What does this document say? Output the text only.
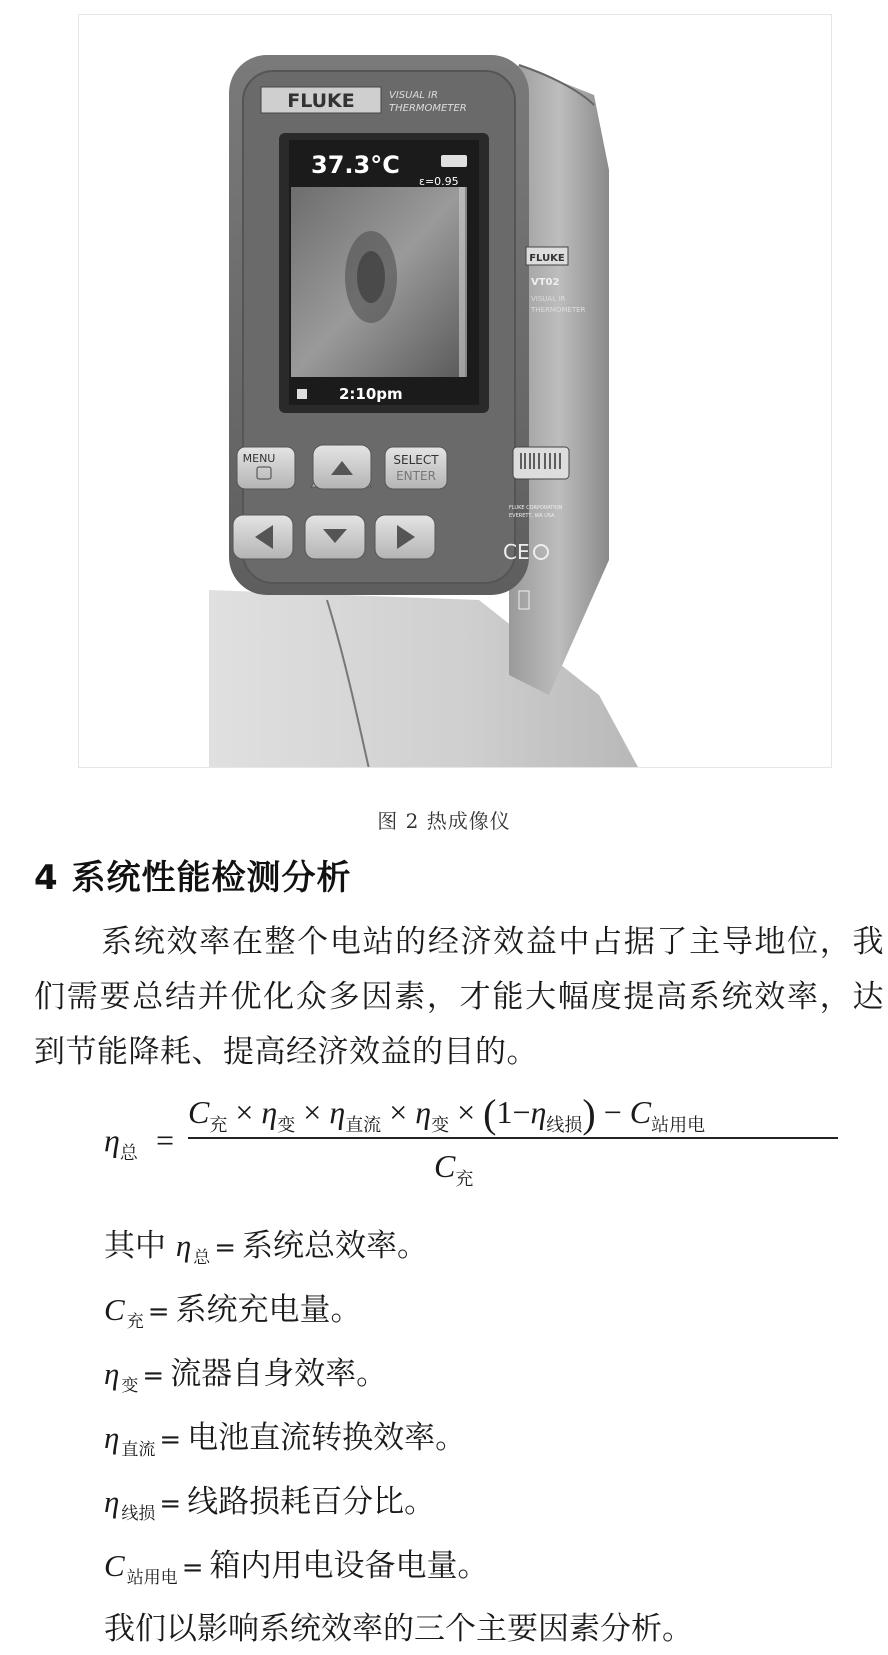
FLUKE	VISUAL IR
THERMOMETER
37.3°C
ε=0.95
2:10pm
MENU	SELECT
ENTER
FLUKE
VT02
VISUAL IR
THERMOMETER
FLUKE CORPORATION
EVERETT, WA USA
CE
图 2 热成像仪
4 系统性能检测分析
系统效率在整个电站的经济效益中占据了主导地位，我们需要总结并优化众多因素，才能大幅度提高系统效率，达到节能降耗、提高经济效益的目的。
$\eta_总$ =
$C_充 \times \eta_变 \times \eta_{直流} \times \eta_变 \times (1-\eta_{线损}) - C_{站用电}$
$C_充$
其中 η $_总$ = 系统总效率。
C $_充$ = 系统充电量。
η $_变$ = 流器自身效率。
η $_{直流}$ = 电池直流转换效率。
η $_{线损}$ = 线路损耗百分比。
C $_{站用电}$ = 箱内用电设备电量。
我们以影响系统效率的三个主要因素分析。
